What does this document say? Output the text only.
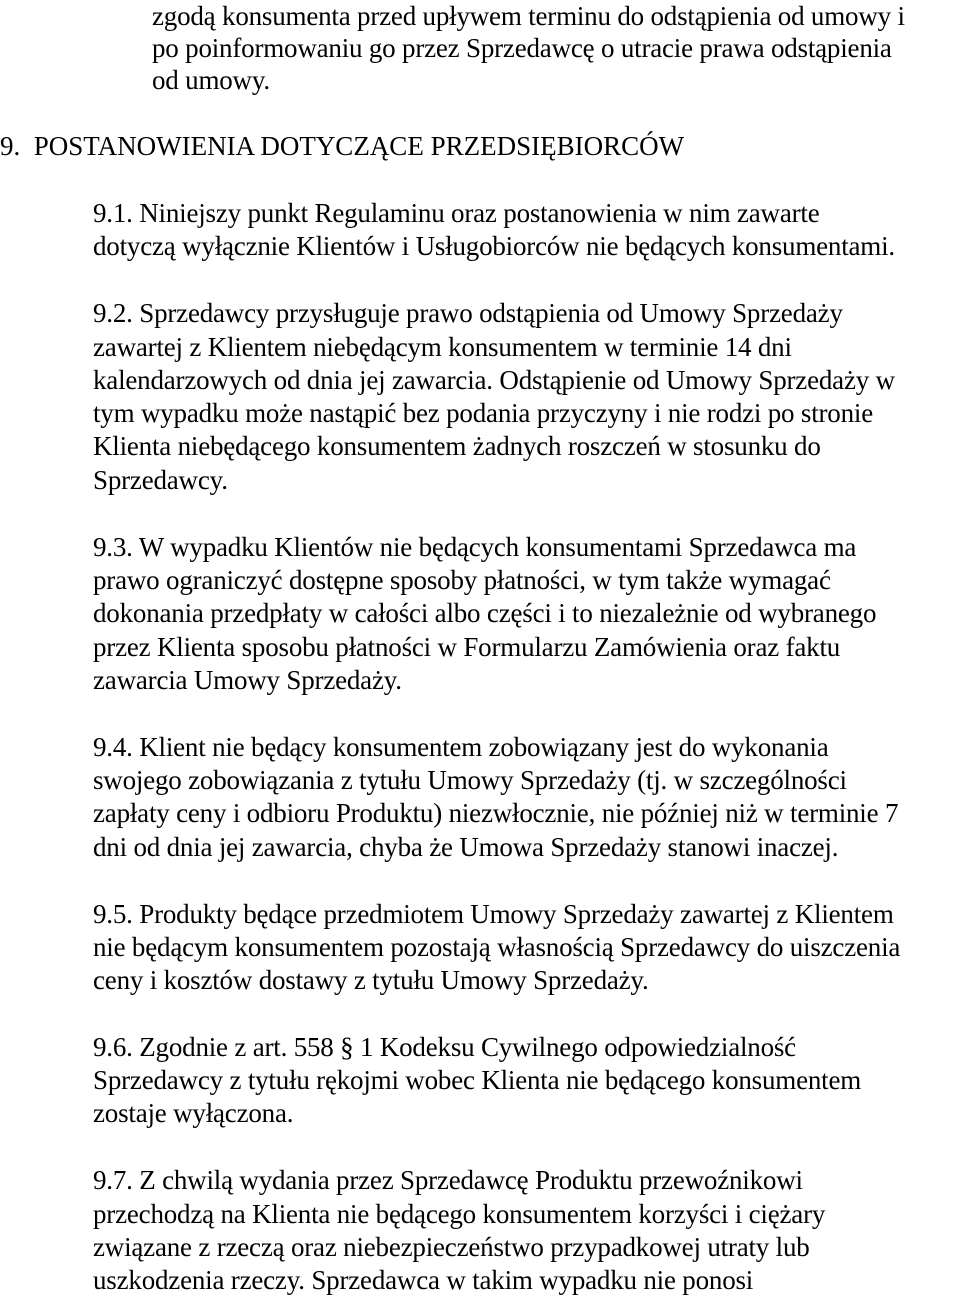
zgodą konsumenta przed upływem terminu do odstąpienia od umowy i
po poinformowaniu go przez Sprzedawcę o utracie prawa odstąpienia
od umowy.
9.  POSTANOWIENIA DOTYCZĄCE PRZEDSIĘBIORCÓW
9.1. Niniejszy punkt Regulaminu oraz postanowienia w nim zawarte
dotyczą wyłącznie Klientów i Usługobiorców nie będących konsumentami.
9.2. Sprzedawcy przysługuje prawo odstąpienia od Umowy Sprzedaży
zawartej z Klientem niebędącym konsumentem w terminie 14 dni
kalendarzowych od dnia jej zawarcia. Odstąpienie od Umowy Sprzedaży w
tym wypadku może nastąpić bez podania przyczyny i nie rodzi po stronie
Klienta niebędącego konsumentem żadnych roszczeń w stosunku do
Sprzedawcy.
9.3. W wypadku Klientów nie będących konsumentami Sprzedawca ma
prawo ograniczyć dostępne sposoby płatności, w tym także wymagać
dokonania przedpłaty w całości albo części i to niezależnie od wybranego
przez Klienta sposobu płatności w Formularzu Zamówienia oraz faktu
zawarcia Umowy Sprzedaży.
9.4. Klient nie będący konsumentem zobowiązany jest do wykonania
swojego zobowiązania z tytułu Umowy Sprzedaży (tj. w szczególności
zapłaty ceny i odbioru Produktu) niezwłocznie, nie później niż w terminie 7
dni od dnia jej zawarcia, chyba że Umowa Sprzedaży stanowi inaczej.
9.5. Produkty będące przedmiotem Umowy Sprzedaży zawartej z Klientem
nie będącym konsumentem pozostają własnością Sprzedawcy do uiszczenia
ceny i kosztów dostawy z tytułu Umowy Sprzedaży.
9.6. Zgodnie z art. 558 § 1 Kodeksu Cywilnego odpowiedzialność
Sprzedawcy z tytułu rękojmi wobec Klienta nie będącego konsumentem
zostaje wyłączona.
9.7. Z chwilą wydania przez Sprzedawcę Produktu przewoźnikowi
przechodzą na Klienta nie będącego konsumentem korzyści i ciężary
związane z rzeczą oraz niebezpieczeństwo przypadkowej utraty lub
uszkodzenia rzeczy. Sprzedawca w takim wypadku nie ponosi
